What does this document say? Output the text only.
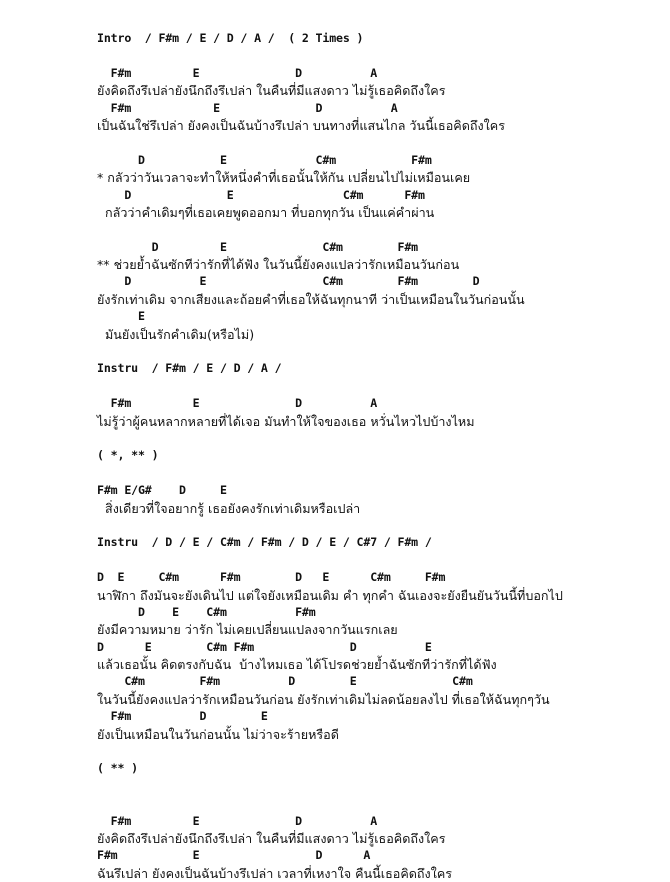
Intro  / F#m / E / D / A /  ( 2 Times )

F#m         E              D          A
ยังคิดถึงรึเปล่ายังนึกถึงรึเปล่า ในคืนที่มีแสงดาว ไม่รู้เธอคิดถึงใคร
F#m            E              D          A
เป็นฉันใช่รึเปล่า ยังคงเป็นฉันบ้างรึเปล่า บนทางที่แสนไกล วันนี้เธอคิดถึงใคร

D           E             C#m           F#m
* กลัวว่าวันเวลาจะทำให้หนึ่งคำที่เธอนั้นให้กัน เปลี่ยนไปไม่เหมือนเคย
D              E                C#m      F#m
กลัวว่าคำเดิมๆที่เธอเคยพูดออกมา ที่บอกทุกวัน เป็นแค่คำผ่าน

D         E              C#m        F#m
** ช่วยย้ำฉันซักทีว่ารักที่ได้ฟัง ในวันนี้ยังคงแปลว่ารักเหมือนวันก่อน
D          E                 C#m        F#m        D
ยังรักเท่าเดิม จากเสียงและถ้อยคำที่เธอให้ฉันทุกนาที ว่าเป็นเหมือนในวันก่อนนั้น
E
มันยังเป็นรักคำเดิม(หรือไม่)

Instru  / F#m / E / D / A /

F#m         E              D          A
ไม่รู้ว่าผู้คนหลากหลายที่ได้เจอ มันทำให้ใจของเธอ หวั่นไหวไปบ้างไหม

( *, ** )

F#m E/G#    D     E
สิ่งเดียวที่ใจอยากรู้ เธอยังคงรักเท่าเดิมหรือเปล่า

Instru  / D / E / C#m / F#m / D / E / C#7 / F#m /

D  E     C#m      F#m        D   E      C#m     F#m
นาฬิกา ถึงมันจะยังเดินไป แต่ใจยังเหมือนเดิม คำ ทุกคำ ฉันเองจะยังยืนยันวันนี้ที่บอกไป
D    E    C#m          F#m
ยังมีความหมาย ว่ารัก ไม่เคยเปลี่ยนแปลงจากวันแรกเลย
D      E        C#m F#m              D          E
แล้วเธอนั้น คิดตรงกับฉัน  บ้างไหมเธอ ได้โปรดช่วยย้ำฉันซักทีว่ารักที่ได้ฟัง
C#m        F#m          D        E              C#m
ในวันนี้ยังคงแปลว่ารักเหมือนวันก่อน ยังรักเท่าเดิมไม่ลดน้อยลงไป ที่เธอให้ฉันทุกๆวัน
F#m          D        E
ยังเป็นเหมือนในวันก่อนนั้น ไม่ว่าจะร้ายหรือดี

( ** )

F#m         E              D          A
ยังคิดถึงรึเปล่ายังนึกถึงรึเปล่า ในคืนที่มีแสงดาว ไม่รู้เธอคิดถึงใคร
F#m           E                 D      A
ฉันรึเปล่า ยังคงเป็นฉันบ้างรึเปล่า เวลาที่เหงาใจ คืนนี้เธอคิดถึงใคร
